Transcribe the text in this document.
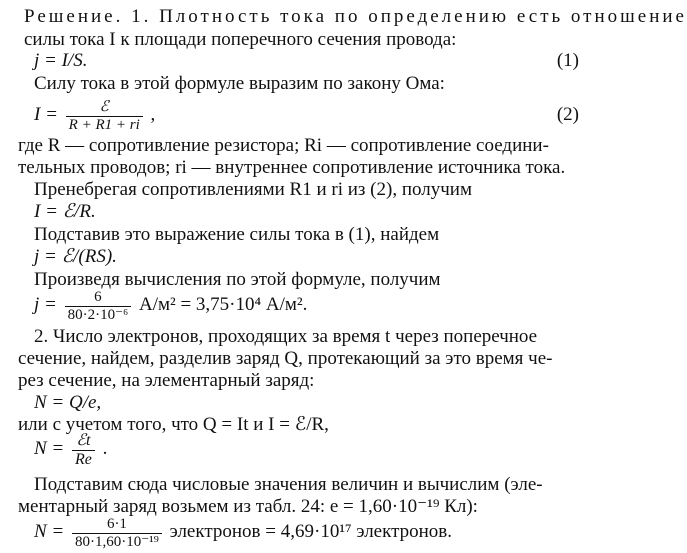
Решение. 1. Плотность тока по определению есть отношение
силы тока I к площади поперечного сечения провода:
j = I/S.	(1)
Силу тока в этой формуле выразим по закону Ома:
$I = \frac{\text{ℰ}}{R + R1 + ri}$ ,	(2)
где R — сопротивление резистора; Ri — сопротивление соедини-
тельных проводов; ri — внутреннее сопротивление источника тока.
Пренебрегая сопротивлениями R1 и ri из (2), получим
I = ℰ/R.
Подставив это выражение силы тока в (1), найдем
j = ℰ/(RS).
Произведя вычисления по этой формуле, получим
$j = \frac{6}{\text{80·2·10⁻⁶}} А/м^2 = 3,75\cdot 10^4$ А/м².
2. Число электронов, проходящих за время t через поперечное
сечение, найдем, разделив заряд Q, протекающий за это время че-
рез сечение, на элементарный заряд:
N = Q/e,
или с учетом того, что Q = It и I = ℰ/R,
$N = \frac{\text{ℰt}}{Re}$ .
Подставим сюда числовые значения величин и вычислим (эле-
ментарный заряд возьмем из табл. 24: e = 1,60·10⁻¹⁹ Кл):
$N = \frac{6\cdot 1}{\text{80·1,60·10⁻¹⁹}}$ электронов = 4,69·10¹⁷ электронов.
